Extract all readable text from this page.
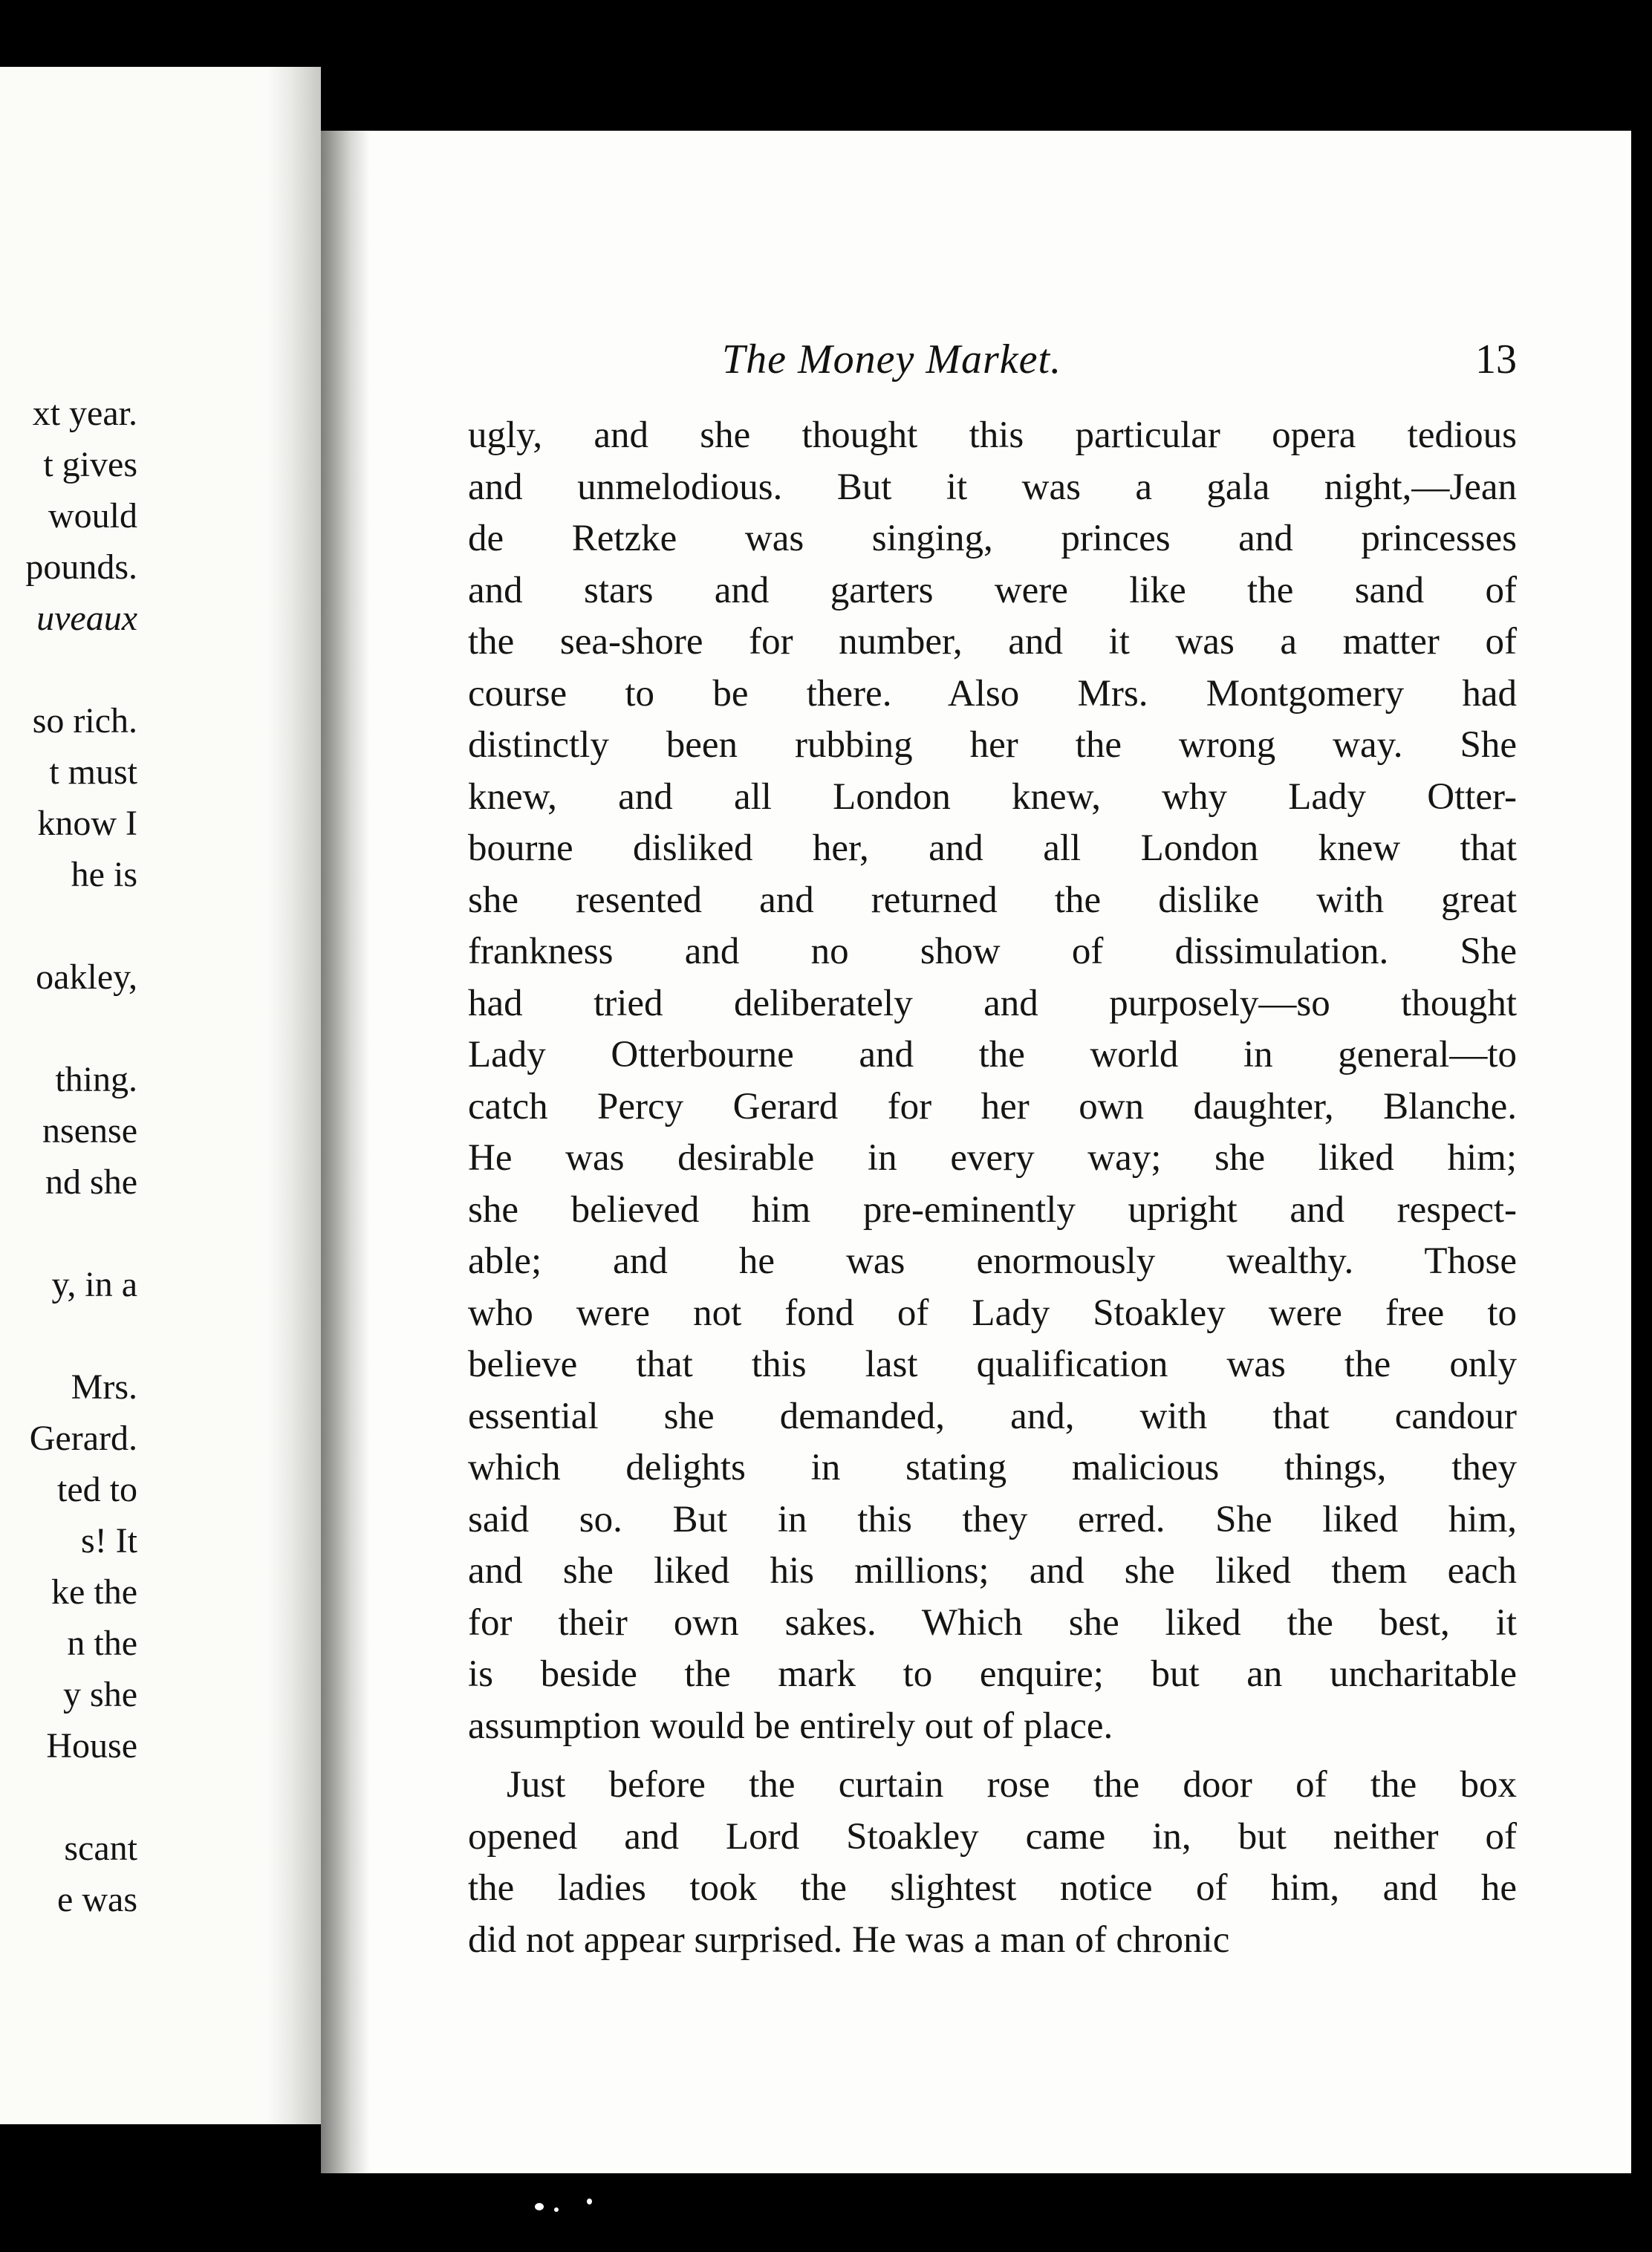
xt year.
t gives
would
pounds.
uveaux
so rich.
t must
know I
he is
oakley,
thing.
nsense
nd she
y, in a
Mrs.
Gerard.
ted to
s! It
ke the
n the
y she
House
scant
e was
The Money Market.	13
ugly, and she thought this particular opera tedious
and unmelodious. But it was a gala night,—Jean
de Retzke was singing, princes and princesses
and stars and garters were like the sand of
the sea-shore for number, and it was a matter of
course to be there. Also Mrs. Montgomery had
distinctly been rubbing her the wrong way. She
knew, and all London knew, why Lady Otter-
bourne disliked her, and all London knew that
she resented and returned the dislike with great
frankness and no show of dissimulation. She
had tried deliberately and purposely—so thought
Lady Otterbourne and the world in general—to
catch Percy Gerard for her own daughter, Blanche.
He was desirable in every way; she liked him;
she believed him pre-eminently upright and respect-
able; and he was enormously wealthy. Those
who were not fond of Lady Stoakley were free to
believe that this last qualification was the only
essential she demanded, and, with that candour
which delights in stating malicious things, they
said so. But in this they erred. She liked him,
and she liked his millions; and she liked them each
for their own sakes. Which she liked the best, it
is beside the mark to enquire; but an uncharitable
assumption would be entirely out of place.
Just before the curtain rose the door of the box
opened and Lord Stoakley came in, but neither of
the ladies took the slightest notice of him, and he
did not appear surprised. He was a man of chronic
